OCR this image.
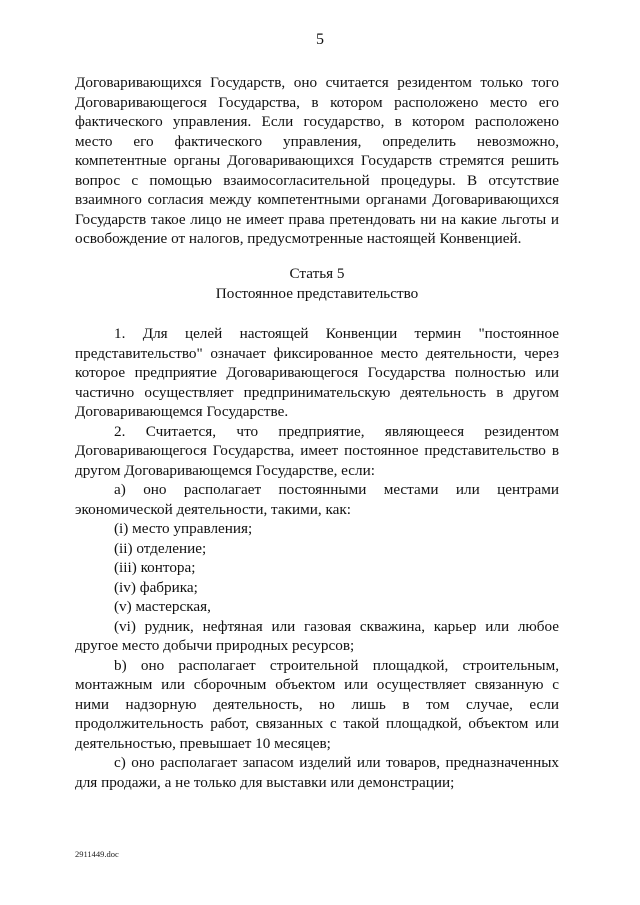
5

Договаривающихся Государств, оно считается резидентом только того Договаривающегося Государства, в котором расположено место его фактического управления. Если государство, в котором расположено место его фактического управления, определить невозможно, компетентные органы Договаривающихся Государств стремятся решить вопрос с помощью взаимосогласительной процедуры. В отсутствие взаимного согласия между компетентными органами Договаривающихся Государств такое лицо не имеет права претендовать ни на какие льготы и освобождение от налогов, предусмотренные настоящей Конвенцией.

Статья 5
Постоянное представительство

1. Для целей настоящей Конвенции термин "постоянное представительство" означает фиксированное место деятельности, через которое предприятие Договаривающегося Государства полностью или частично осуществляет предпринимательскую деятельность в другом Договаривающемся Государстве.

2. Считается, что предприятие, являющееся резидентом Договаривающегося Государства, имеет постоянное представительство в другом Договаривающемся Государстве, если:

а) оно располагает постоянными местами или центрами экономической деятельности, такими, как:

(i) место управления;

(ii) отделение;

(iii) контора;

(iv) фабрика;

(v) мастерская,

(vi) рудник, нефтяная или газовая скважина, карьер или любое другое место добычи природных ресурсов;

b) оно располагает строительной площадкой, строительным, монтажным или сборочным объектом или осуществляет связанную с ними надзорную деятельность, но лишь в том случае, если продолжительность работ, связанных с такой площадкой, объектом или деятельностью, превышает 10 месяцев;

c) оно располагает запасом изделий или товаров, предназначенных для продажи, а не только для выставки или демонстрации;

2911449.doc
